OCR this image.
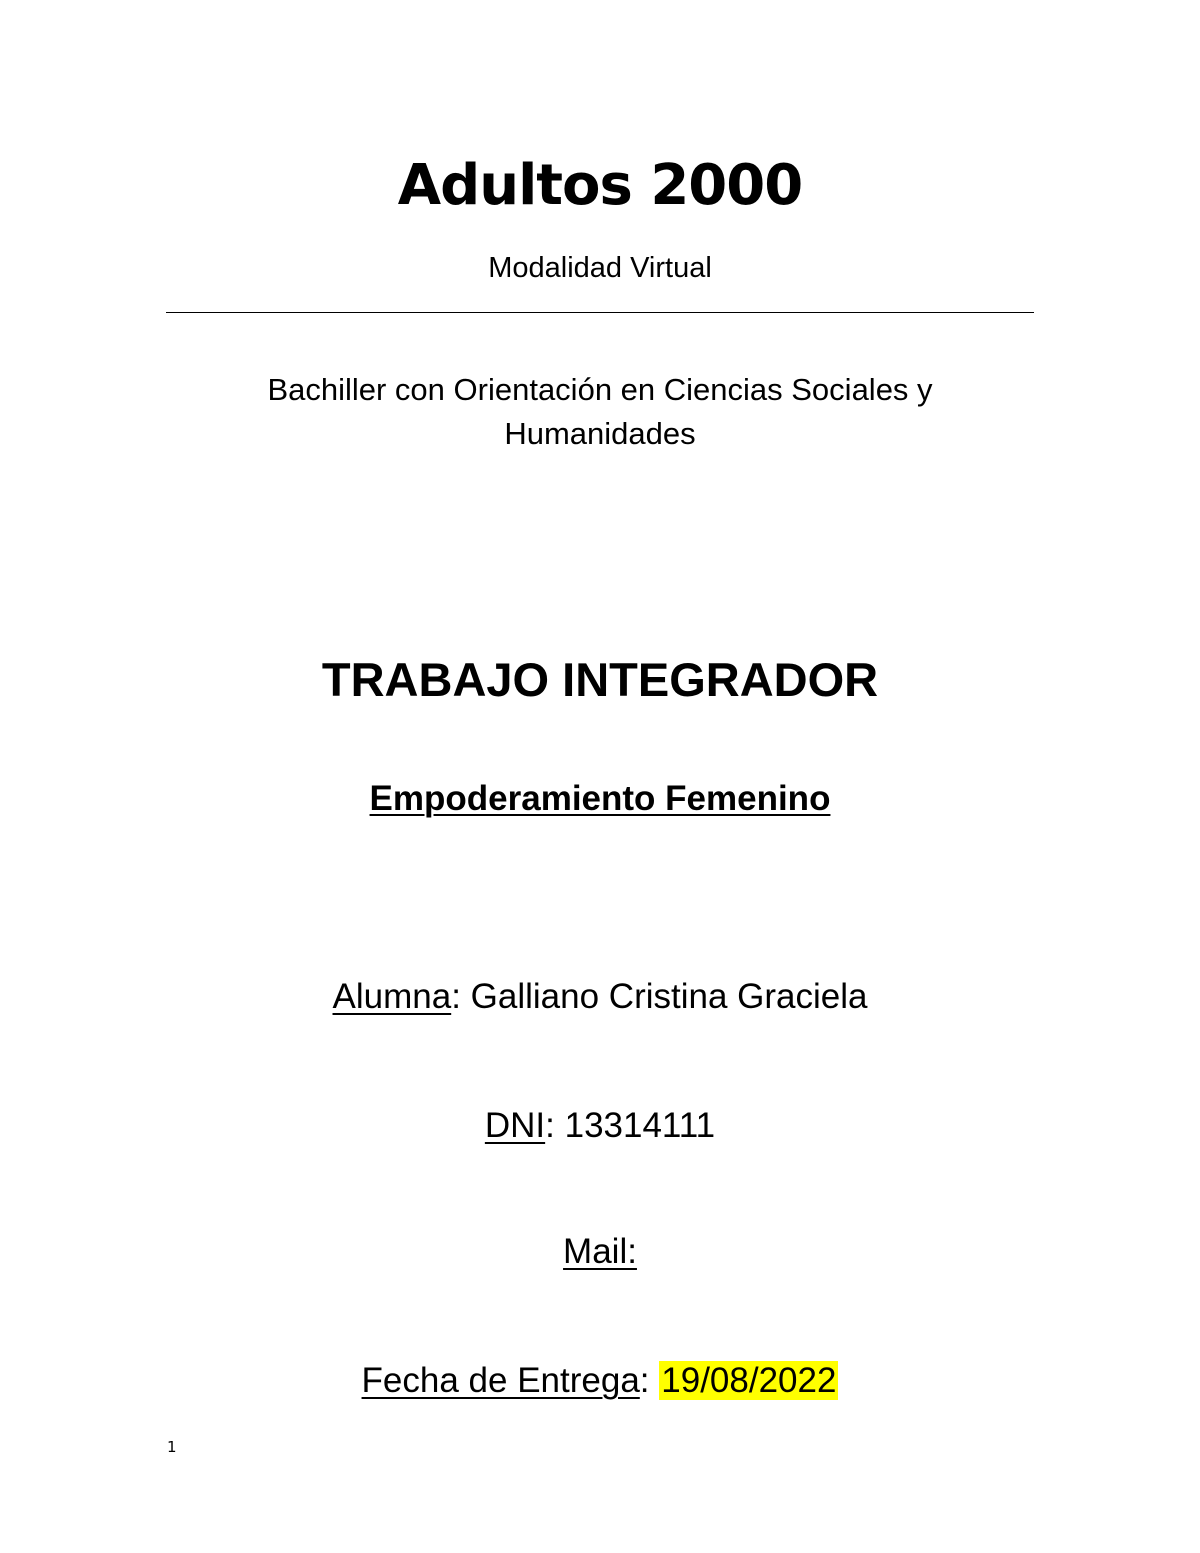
Adultos 2000
Modalidad Virtual
Bachiller con Orientación en Ciencias Sociales y
Humanidades
TRABAJO INTEGRADOR
Empoderamiento Femenino
Alumna: Galliano Cristina Graciela
DNI: 13314111
Mail:
Fecha de Entrega: 19/08/2022
1
